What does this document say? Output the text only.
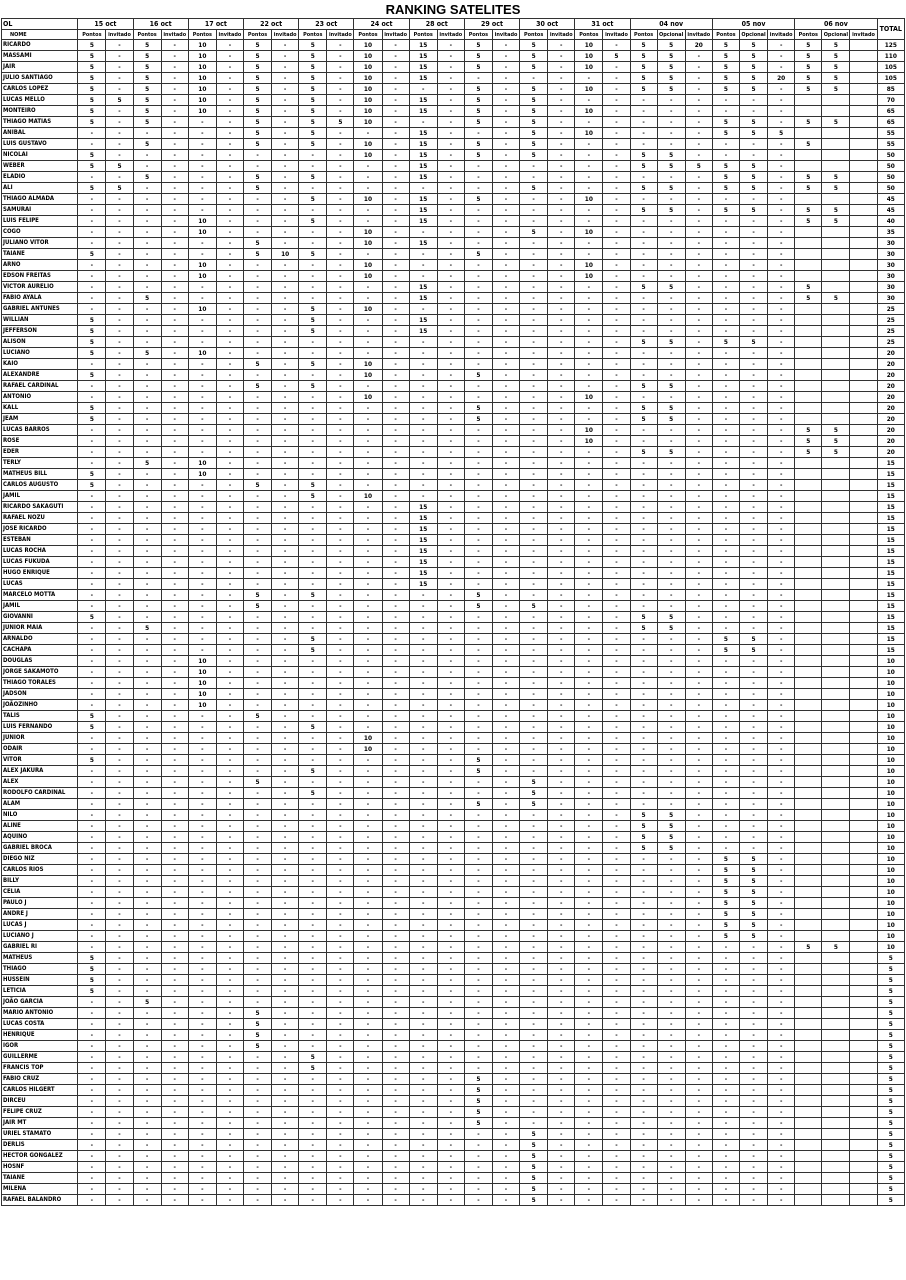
RANKING SATELITES
OL	15 oct		16 oct		17 oct		22 oct		23 oct		24 oct		28 oct		29 oct		30 oct		31 oct		04 nov			05 nov			06 nov			TOTAL
NOME	Pontos	invitado	Pontos	invitado	Pontos	invitado	Pontos	invitado	Pontos	invitado	Pontos	invitado	Pontos	invitado	Pontos	invitado	Pontos	invitado	Pontos	invitado	Pontos	Opcional	invitado	Pontos	Opcional	invitado	Pontos	Opcional	invitado	
RICARDO	5	-	5	-	10	-	5	-	5	-	10	-	15	-	5	-	5	-	10	-	5	5	20	5	5	-	5	5		125
MASSAMI	5	-	5	-	10	-	5	-	5	-	10	-	15	-	5	-	5	-	10	5	5	5	-	5	5	-	5	5		110
JAIR	5	-	5	-	10	-	5	-	5	-	10	-	15	-	5	-	5	-	10	-	5	5	-	5	5	-	5	5		105
JULIO SANTIAGO	5	-	5	-	10	-	5	-	5	-	10	-	15	-	-	-	-	-	-	-	5	5	-	5	5	20	5	5		105
CARLOS LOPEZ	5	-	5	-	10	-	5	-	5	-	10	-	-	-	5	-	5	-	10	-	5	5	-	5	5	-	5	5		85
LUCAS MELLO	5	5	5	-	10	-	5	-	5	-	10	-	15	-	5	-	5	-	-	-	-	-	-	-	-	-				70
MONTEIRO	5	-	5	-	10	-	5	-	5	-	10	-	15	-	5	-	5	-	10	-	-	-	-	-	-	-				65
THIAGO MATIAS	5	-	5	-	-	-	5	-	5	5	10	-	-	-	5	-	5	-	-	-	-	-	-	5	5	-	5	5		65
ANIBAL	-	-	-	-	-	-	5	-	5	-	-	-	15	-	-	-	5	-	10	-	-	-	-	5	5	5				55
LUIS GUSTAVO	-	-	5	-	-	-	5	-	5	-	10	-	15	-	5	-	5	-	-	-	-	-	-	-	-	-	5			55
NICOLAI	5	-	-	-	-	-	-	-	-	-	10	-	15	-	5	-	5	-	-	-	5	5	-	-	-	-				50
WEBER	5	5	-	-	-	-	-	-	-	-	-	-	15	-	-	-	-	-	-	-	5	5	5	5	5	-				50
ELADIO	-	-	5	-	-	-	5	-	5	-	-	-	15	-	-	-	-	-	-	-	-	-	-	5	5	-	5	5		50
ALI	5	5	-	-	-	-	5	-	-	-	-	-	-	-	-	-	5	-	-	-	5	5	-	5	5	-	5	5		50
THIAGO ALMADA	-	-	-	-	-	-	-	-	5	-	10	-	15	-	5	-	-	-	10	-	-	-	-	-	-	-				45
SAMURAI	-	-	-	-	-	-	-	-	-	-	-	-	15	-	-	-	-	-	-	-	5	5	-	5	5	-	5	5		45
LUIS FELIPE	-	-	-	-	10	-	-	-	5	-	-	-	15	-	-	-	-	-	-	-	-	-	-	-	-	-	5	5		40
COGO	-	-	-	-	10	-	-	-	-	-	10	-	-	-	-	-	5	-	10	-	-	-	-	-	-	-				35
JULIANO VITOR	-	-	-	-	-	-	5	-	-	-	10	-	15	-	-	-	-	-	-	-	-	-	-	-	-	-				30
TAIANE	5	-	-	-	-	-	5	10	5	-	-	-	-	-	5	-	-	-	-	-	-	-	-	-	-	-				30
ARNO	-	-	-	-	10	-	-	-	-	-	10	-	-	-	-	-	-	-	10	-	-	-	-	-	-	-				30
EDSON FREITAS	-	-	-	-	10	-	-	-	-	-	10	-	-	-	-	-	-	-	10	-	-	-	-	-	-	-				30
VICTOR AURELIO	-	-	-	-	-	-	-	-	-	-	-	-	15	-	-	-	-	-	-	-	5	5	-	-	-	-	5			30
FABIO AYALA	-	-	5	-	-	-	-	-	-	-	-	-	15	-	-	-	-	-	-	-	-	-	-	-	-	-	5	5		30
GABRIEL ANTUNES	-	-	-	-	10	-	-	-	5	-	10	-	-	-	-	-	-	-	-	-	-	-	-	-	-	-				25
WILLIAN	5	-	-	-	-	-	-	-	5	-	-	-	15	-	-	-	-	-	-	-	-	-	-	-	-	-				25
JEFFERSON	5	-	-	-	-	-	-	-	5	-	-	-	15	-	-	-	-	-	-	-	-	-	-	-	-	-				25
ALISON	5	-	-	-	-	-	-	-	-	-	-	-	-	-	-	-	-	-	-	-	5	5	-	5	5	-				25
LUCIANO	5	-	5	-	10	-	-	-	-	-	-	-	-	-	-	-	-	-	-	-	-	-	-	-	-	-				20
KAIO	-	-	-	-	-	-	5	-	5	-	10	-	-	-	-	-	-	-	-	-	-	-	-	-	-	-				20
ALEXANDRE	5	-	-	-	-	-	-	-	-	-	10	-	-	-	5	-	-	-	-	-	-	-	-	-	-	-				20
RAFAEL CARDINAL	-	-	-	-	-	-	5	-	5	-	-	-	-	-	-	-	-	-	-	-	5	5	-	-	-	-				20
ANTONIO	-	-	-	-	-	-	-	-	-	-	10	-	-	-	-	-	-	-	10	-	-	-	-	-	-	-				20
KALL	5	-	-	-	-	-	-	-	-	-	-	-	-	-	5	-	-	-	-	-	5	5	-	-	-	-				20
JEAM	5	-	-	-	-	-	-	-	-	-	-	-	-	-	5	-	-	-	-	-	5	5	-	-	-	-				20
LUCAS BARROS	-	-	-	-	-	-	-	-	-	-	-	-	-	-	-	-	-	-	10	-	-	-	-	-	-	-	5	5		20
ROSE	-	-	-	-	-	-	-	-	-	-	-	-	-	-	-	-	-	-	10	-	-	-	-	-	-	-	5	5		20
EDER	-	-	-	-	-	-	-	-	-	-	-	-	-	-	-	-	-	-	-	-	5	5	-	-	-	-	5	5		20
TERLY	-	-	5	-	10	-	-	-	-	-	-	-	-	-	-	-	-	-	-	-	-	-	-	-	-	-				15
MATHEUS BILL	5	-	-	-	10	-	-	-	-	-	-	-	-	-	-	-	-	-	-	-	-	-	-	-	-	-				15
CARLOS AUGUSTO	5	-	-	-	-	-	5	-	5	-	-	-	-	-	-	-	-	-	-	-	-	-	-	-	-	-				15
JAMIL	-	-	-	-	-	-	-	-	5	-	10	-	-	-	-	-	-	-	-	-	-	-	-	-	-	-				15
RICARDO SAKAGUTI	-	-	-	-	-	-	-	-	-	-	-	-	15	-	-	-	-	-	-	-	-	-	-	-	-	-				15
RAFAEL NOZU	-	-	-	-	-	-	-	-	-	-	-	-	15	-	-	-	-	-	-	-	-	-	-	-	-	-				15
JOSE RICARDO	-	-	-	-	-	-	-	-	-	-	-	-	15	-	-	-	-	-	-	-	-	-	-	-	-	-				15
ESTEBAN	-	-	-	-	-	-	-	-	-	-	-	-	15	-	-	-	-	-	-	-	-	-	-	-	-	-				15
LUCAS ROCHA	-	-	-	-	-	-	-	-	-	-	-	-	15	-	-	-	-	-	-	-	-	-	-	-	-	-				15
LUCAS FUKUDA	-	-	-	-	-	-	-	-	-	-	-	-	15	-	-	-	-	-	-	-	-	-	-	-	-	-				15
HUGO ENRIQUE	-	-	-	-	-	-	-	-	-	-	-	-	15	-	-	-	-	-	-	-	-	-	-	-	-	-				15
LUCAS	-	-	-	-	-	-	-	-	-	-	-	-	15	-	-	-	-	-	-	-	-	-	-	-	-	-				15
MARCELO MOTTA	-	-	-	-	-	-	5	-	5	-	-	-	-	-	5	-	-	-	-	-	-	-	-	-	-	-				15
JAMIL	-	-	-	-	-	-	5	-	-	-	-	-	-	-	5	-	5	-	-	-	-	-	-	-	-	-				15
GIOVANNI	5	-	-	-	-	-	-	-	-	-	-	-	-	-	-	-	-	-	-	-	5	5	-	-	-	-				15
JUNIOR MAIA	-	-	5	-	-	-	-	-	-	-	-	-	-	-	-	-	-	-	-	-	5	5	-	-	-	-				15
ARNALDO	-	-	-	-	-	-	-	-	5	-	-	-	-	-	-	-	-	-	-	-	-	-	-	5	5	-				15
CACHAPA	-	-	-	-	-	-	-	-	5	-	-	-	-	-	-	-	-	-	-	-	-	-	-	5	5	-				15
DOUGLAS	-	-	-	-	10	-	-	-	-	-	-	-	-	-	-	-	-	-	-	-	-	-	-	-	-	-				10
JORGE SAKAMOTO	-	-	-	-	10	-	-	-	-	-	-	-	-	-	-	-	-	-	-	-	-	-	-	-	-	-				10
THIAGO TORALES	-	-	-	-	10	-	-	-	-	-	-	-	-	-	-	-	-	-	-	-	-	-	-	-	-	-				10
JADSON	-	-	-	-	10	-	-	-	-	-	-	-	-	-	-	-	-	-	-	-	-	-	-	-	-	-				10
JOÃOZINHO	-	-	-	-	10	-	-	-	-	-	-	-	-	-	-	-	-	-	-	-	-	-	-	-	-	-				10
TALIS	5	-	-	-	-	-	5	-	-	-	-	-	-	-	-	-	-	-	-	-	-	-	-	-	-	-				10
LUIS FERNANDO	5	-	-	-	-	-	-	-	5	-	-	-	-	-	-	-	-	-	-	-	-	-	-	-	-	-				10
JUNIOR	-	-	-	-	-	-	-	-	-	-	10	-	-	-	-	-	-	-	-	-	-	-	-	-	-	-				10
ODAIR	-	-	-	-	-	-	-	-	-	-	10	-	-	-	-	-	-	-	-	-	-	-	-	-	-	-				10
VITOR	5	-	-	-	-	-	-	-	-	-	-	-	-	-	5	-	-	-	-	-	-	-	-	-	-	-				10
ALEX JAKURA	-	-	-	-	-	-	-	-	5	-	-	-	-	-	5	-	-	-	-	-	-	-	-	-	-	-				10
ALEX	-	-	-	-	-	-	5	-	-	-	-	-	-	-	-	-	5	-	-	-	-	-	-	-	-	-				10
RODOLFO CARDINAL	-	-	-	-	-	-	-	-	5	-	-	-	-	-	-	-	5	-	-	-	-	-	-	-	-	-				10
ALAM	-	-	-	-	-	-	-	-	-	-	-	-	-	-	5	-	5	-	-	-	-	-	-	-	-	-				10
NILO	-	-	-	-	-	-	-	-	-	-	-	-	-	-	-	-	-	-	-	-	5	5	-	-	-	-				10
ALINE	-	-	-	-	-	-	-	-	-	-	-	-	-	-	-	-	-	-	-	-	5	5	-	-	-	-				10
AQUINO	-	-	-	-	-	-	-	-	-	-	-	-	-	-	-	-	-	-	-	-	5	5	-	-	-	-				10
GABRIEL BROCA	-	-	-	-	-	-	-	-	-	-	-	-	-	-	-	-	-	-	-	-	5	5	-	-	-	-				10
DIEGO NIZ	-	-	-	-	-	-	-	-	-	-	-	-	-	-	-	-	-	-	-	-	-	-	-	5	5	-				10
CARLOS RIOS	-	-	-	-	-	-	-	-	-	-	-	-	-	-	-	-	-	-	-	-	-	-	-	5	5	-				10
BILLY	-	-	-	-	-	-	-	-	-	-	-	-	-	-	-	-	-	-	-	-	-	-	-	5	5	-				10
CELIA	-	-	-	-	-	-	-	-	-	-	-	-	-	-	-	-	-	-	-	-	-	-	-	5	5	-				10
PAULO J	-	-	-	-	-	-	-	-	-	-	-	-	-	-	-	-	-	-	-	-	-	-	-	5	5	-				10
ANDRE J	-	-	-	-	-	-	-	-	-	-	-	-	-	-	-	-	-	-	-	-	-	-	-	5	5	-				10
LUCAS J	-	-	-	-	-	-	-	-	-	-	-	-	-	-	-	-	-	-	-	-	-	-	-	5	5	-				10
LUCIANO J	-	-	-	-	-	-	-	-	-	-	-	-	-	-	-	-	-	-	-	-	-	-	-	5	5	-				10
GABRIEL RI	-	-	-	-	-	-	-	-	-	-	-	-	-	-	-	-	-	-	-	-	-	-	-	-	-	-	5	5		10
MATHEUS	5	-	-	-	-	-	-	-	-	-	-	-	-	-	-	-	-	-	-	-	-	-	-	-	-	-				5
THIAGO	5	-	-	-	-	-	-	-	-	-	-	-	-	-	-	-	-	-	-	-	-	-	-	-	-	-				5
HUSSEIN	5	-	-	-	-	-	-	-	-	-	-	-	-	-	-	-	-	-	-	-	-	-	-	-	-	-				5
LETICIA	5	-	-	-	-	-	-	-	-	-	-	-	-	-	-	-	-	-	-	-	-	-	-	-	-	-				5
JOÃO GARCIA	-	-	5	-	-	-	-	-	-	-	-	-	-	-	-	-	-	-	-	-	-	-	-	-	-	-				5
MARIO ANTONIO	-	-	-	-	-	-	5	-	-	-	-	-	-	-	-	-	-	-	-	-	-	-	-	-	-	-				5
LUCAS COSTA	-	-	-	-	-	-	5	-	-	-	-	-	-	-	-	-	-	-	-	-	-	-	-	-	-	-				5
HENRIQUE	-	-	-	-	-	-	5	-	-	-	-	-	-	-	-	-	-	-	-	-	-	-	-	-	-	-				5
IGOR	-	-	-	-	-	-	5	-	-	-	-	-	-	-	-	-	-	-	-	-	-	-	-	-	-	-				5
GUILLERME	-	-	-	-	-	-	-	-	5	-	-	-	-	-	-	-	-	-	-	-	-	-	-	-	-	-				5
FRANCIS TOP	-	-	-	-	-	-	-	-	5	-	-	-	-	-	-	-	-	-	-	-	-	-	-	-	-	-				5
FABIO CRUZ	-	-	-	-	-	-	-	-	-	-	-	-	-	-	5	-	-	-	-	-	-	-	-	-	-	-				5
CARLOS HILGERT	-	-	-	-	-	-	-	-	-	-	-	-	-	-	5	-	-	-	-	-	-	-	-	-	-	-				5
DIRCEU	-	-	-	-	-	-	-	-	-	-	-	-	-	-	5	-	-	-	-	-	-	-	-	-	-	-				5
FELIPE CRUZ	-	-	-	-	-	-	-	-	-	-	-	-	-	-	5	-	-	-	-	-	-	-	-	-	-	-				5
JAIR MT	-	-	-	-	-	-	-	-	-	-	-	-	-	-	5	-	-	-	-	-	-	-	-	-	-	-				5
URIEL STAMATO	-	-	-	-	-	-	-	-	-	-	-	-	-	-	-	-	5	-	-	-	-	-	-	-	-	-				5
DERLIS	-	-	-	-	-	-	-	-	-	-	-	-	-	-	-	-	5	-	-	-	-	-	-	-	-	-				5
HECTOR GONGALEZ	-	-	-	-	-	-	-	-	-	-	-	-	-	-	-	-	5	-	-	-	-	-	-	-	-	-				5
HOSNF	-	-	-	-	-	-	-	-	-	-	-	-	-	-	-	-	5	-	-	-	-	-	-	-	-	-				5
TAIANE	-	-	-	-	-	-	-	-	-	-	-	-	-	-	-	-	5	-	-	-	-	-	-	-	-	-				5
MILENA	-	-	-	-	-	-	-	-	-	-	-	-	-	-	-	-	5	-	-	-	-	-	-	-	-	-				5
RAFAEL BALANDRO	-	-	-	-	-	-	-	-	-	-	-	-	-	-	-	-	5	-	-	-	-	-	-	-	-	-				5
